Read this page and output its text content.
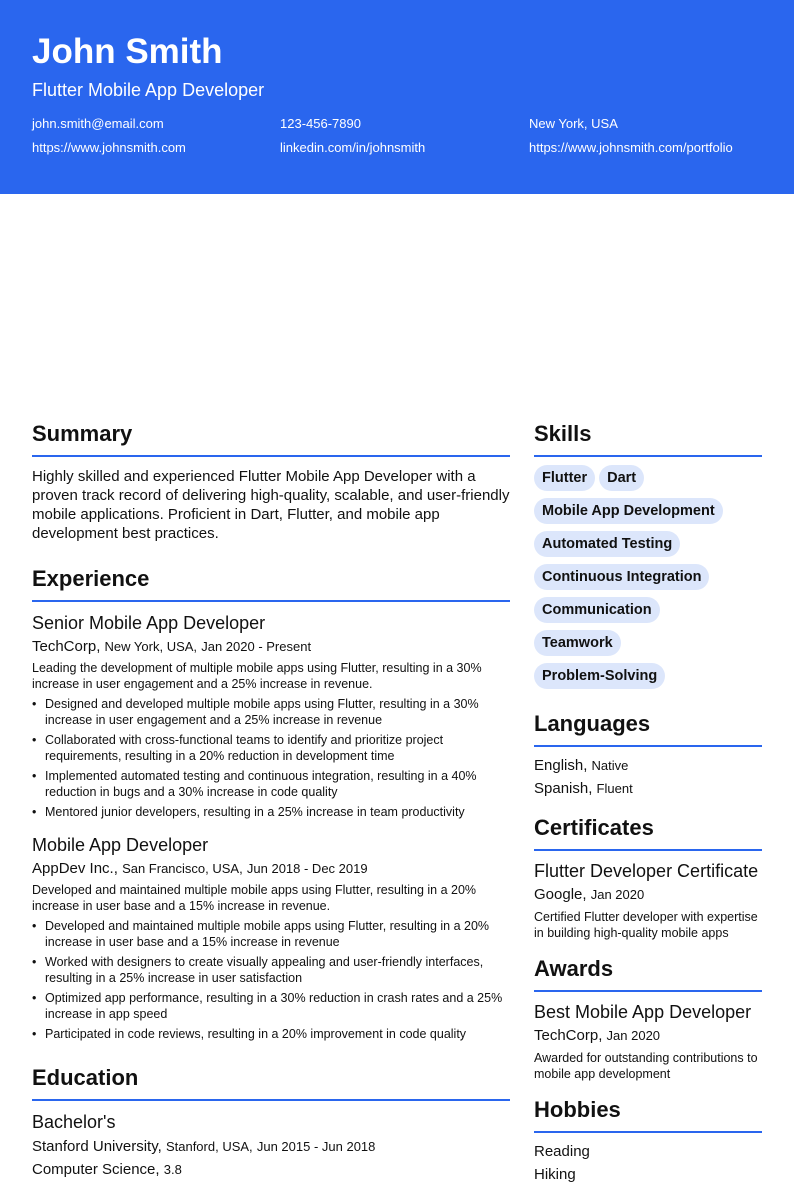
John Smith
Flutter Mobile App Developer
john.smith@email.com	123-456-7890	New York, USA
https://www.johnsmith.com	linkedin.com/in/johnsmith	https://www.johnsmith.com/portfolio
Summary

Highly skilled and experienced Flutter Mobile App Developer with a proven track record of delivering high-quality, scalable, and user-friendly mobile applications. Proficient in Dart, Flutter, and mobile app development best practices.

Experience
Senior Mobile App Developer
TechCorp, New York, USA, Jan 2020 - Present
Leading the development of multiple mobile apps using Flutter, resulting in a 30% increase in user engagement and a 25% increase in revenue.
• Designed and developed multiple mobile apps using Flutter, resulting in a 30% increase in user engagement and a 25% increase in revenue
• Collaborated with cross-functional teams to identify and prioritize project requirements, resulting in a 20% reduction in development time
• Implemented automated testing and continuous integration, resulting in a 40% reduction in bugs and a 30% increase in code quality
• Mentored junior developers, resulting in a 25% increase in team productivity
Mobile App Developer
AppDev Inc., San Francisco, USA, Jun 2018 - Dec 2019
Developed and maintained multiple mobile apps using Flutter, resulting in a 20% increase in user base and a 15% increase in revenue.
• Developed and maintained multiple mobile apps using Flutter, resulting in a 20% increase in user base and a 15% increase in revenue
• Worked with designers to create visually appealing and user-friendly interfaces, resulting in a 25% increase in user satisfaction
• Optimized app performance, resulting in a 30% reduction in crash rates and a 25% increase in app speed
• Participated in code reviews, resulting in a 20% improvement in code quality
Education
Bachelor's
Stanford University, Stanford, USA, Jun 2015 - Jun 2018
Computer Science, 3.8
Skills
Flutter Dart
Mobile App Development
Automated Testing
Continuous Integration
Communication
Teamwork
Problem-Solving
Languages
English, Native
Spanish, Fluent
Certificates
Flutter Developer Certificate
Google, Jan 2020
Certified Flutter developer with expertise in building high-quality mobile apps
Awards
Best Mobile App Developer
TechCorp, Jan 2020
Awarded for outstanding contributions to mobile app development
Hobbies
Reading
Hiking
